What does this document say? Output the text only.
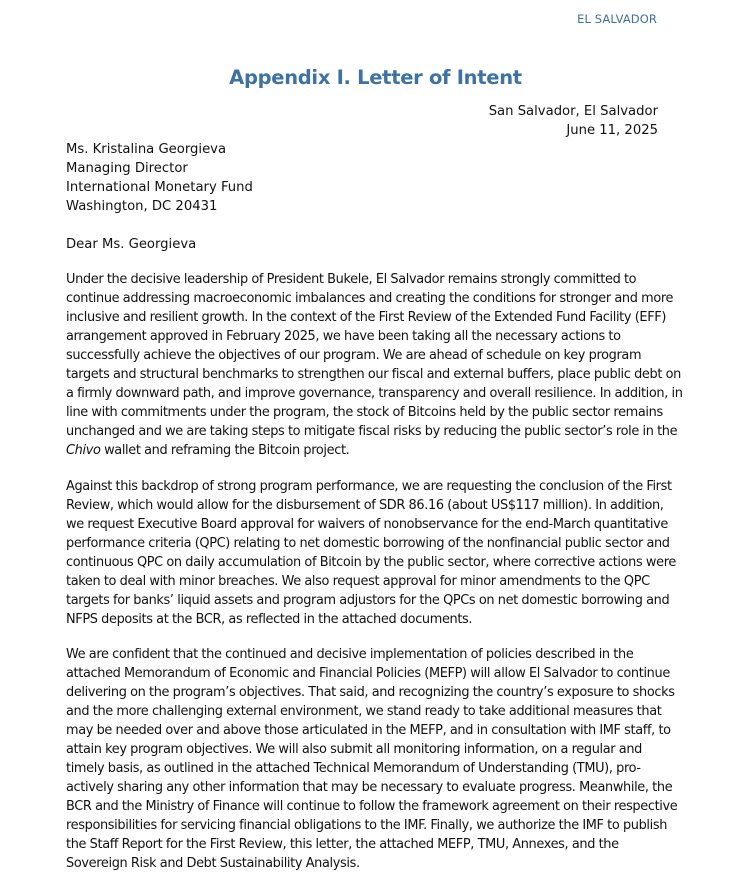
EL SALVADOR
Appendix I. Letter of Intent
San Salvador, El Salvador
June 11, 2025
Ms. Kristalina Georgieva
Managing Director
International Monetary Fund
Washington, DC 20431
Dear Ms. Georgieva
Under the decisive leadership of President Bukele, El Salvador remains strongly committed to
continue addressing macroeconomic imbalances and creating the conditions for stronger and more
inclusive and resilient growth. In the context of the First Review of the Extended Fund Facility (EFF)
arrangement approved in February 2025, we have been taking all the necessary actions to
successfully achieve the objectives of our program. We are ahead of schedule on key program
targets and structural benchmarks to strengthen our fiscal and external buffers, place public debt on
a firmly downward path, and improve governance, transparency and overall resilience. In addition, in
line with commitments under the program, the stock of Bitcoins held by the public sector remains
unchanged and we are taking steps to mitigate fiscal risks by reducing the public sector’s role in the
Chivo wallet and reframing the Bitcoin project.
Against this backdrop of strong program performance, we are requesting the conclusion of the First
Review, which would allow for the disbursement of SDR 86.16 (about US$117 million). In addition,
we request Executive Board approval for waivers of nonobservance for the end-March quantitative
performance criteria (QPC) relating to net domestic borrowing of the nonfinancial public sector and
continuous QPC on daily accumulation of Bitcoin by the public sector, where corrective actions were
taken to deal with minor breaches. We also request approval for minor amendments to the QPC
targets for banks’ liquid assets and program adjustors for the QPCs on net domestic borrowing and
NFPS deposits at the BCR, as reflected in the attached documents.
We are confident that the continued and decisive implementation of policies described in the
attached Memorandum of Economic and Financial Policies (MEFP) will allow El Salvador to continue
delivering on the program’s objectives. That said, and recognizing the country’s exposure to shocks
and the more challenging external environment, we stand ready to take additional measures that
may be needed over and above those articulated in the MEFP, and in consultation with IMF staff, to
attain key program objectives. We will also submit all monitoring information, on a regular and
timely basis, as outlined in the attached Technical Memorandum of Understanding (TMU), pro-
actively sharing any other information that may be necessary to evaluate progress. Meanwhile, the
BCR and the Ministry of Finance will continue to follow the framework agreement on their respective
responsibilities for servicing financial obligations to the IMF. Finally, we authorize the IMF to publish
the Staff Report for the First Review, this letter, the attached MEFP, TMU, Annexes, and the
Sovereign Risk and Debt Sustainability Analysis.
